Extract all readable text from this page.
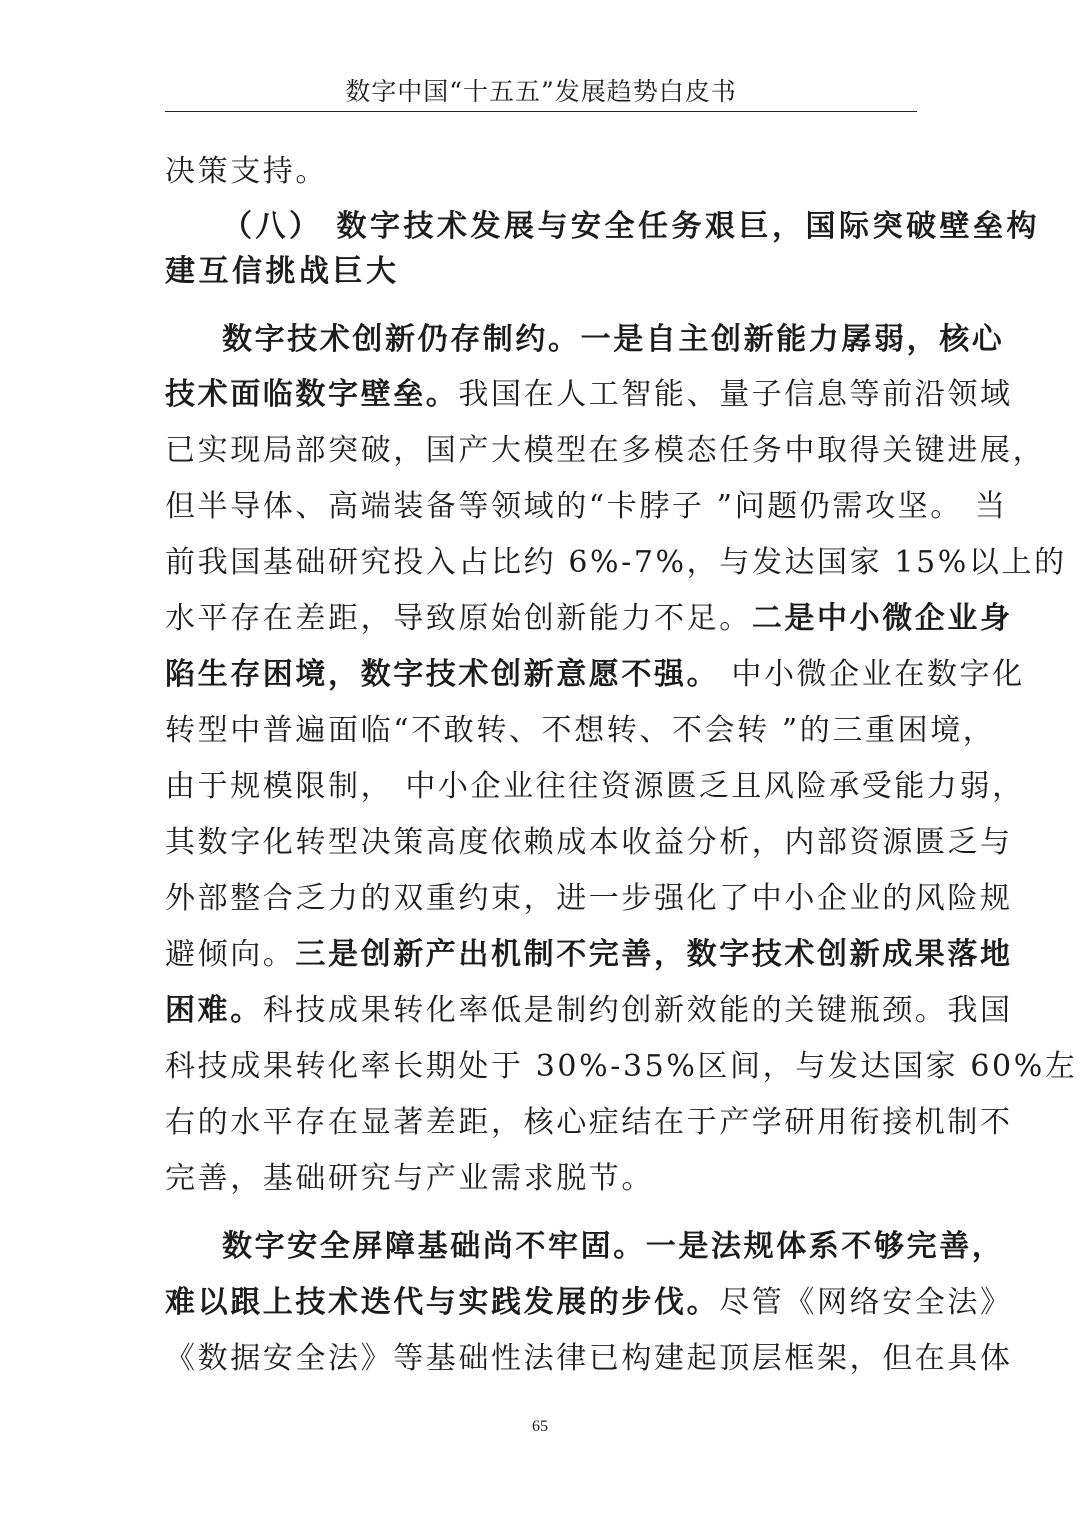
数字中国“十五五”发展趋势白皮书
决策支持。
（八） 数字技术发展与安全任务艰巨，国际突破壁垒构
建互信挑战巨大
数字技术创新仍存制约。一是自主创新能力孱弱，核心
技术面临数字壁垒。我国在人工智能、量子信息等前沿领域
已实现局部突破，国产大模型在多模态任务中取得关键进展，
但半导体、高端装备等领域的“卡脖子 ”问题仍需攻坚。 当
前我国基础研究投入占比约 6%-7%，与发达国家 15%以上的
水平存在差距，导致原始创新能力不足。二是中小微企业身
陷生存困境，数字技术创新意愿不强。 中小微企业在数字化
转型中普遍面临“不敢转、不想转、不会转 ”的三重困境，
由于规模限制， 中小企业往往资源匮乏且风险承受能力弱，
其数字化转型决策高度依赖成本收益分析，内部资源匮乏与
外部整合乏力的双重约束，进一步强化了中小企业的风险规
避倾向。三是创新产出机制不完善，数字技术创新成果落地
困难。科技成果转化率低是制约创新效能的关键瓶颈。我国
科技成果转化率长期处于 30%-35%区间，与发达国家 60%左
右的水平存在显著差距，核心症结在于产学研用衔接机制不
完善，基础研究与产业需求脱节。
数字安全屏障基础尚不牢固。一是法规体系不够完善，
难以跟上技术迭代与实践发展的步伐。尽管《网络安全法》
《数据安全法》等基础性法律已构建起顶层框架，但在具体
65
